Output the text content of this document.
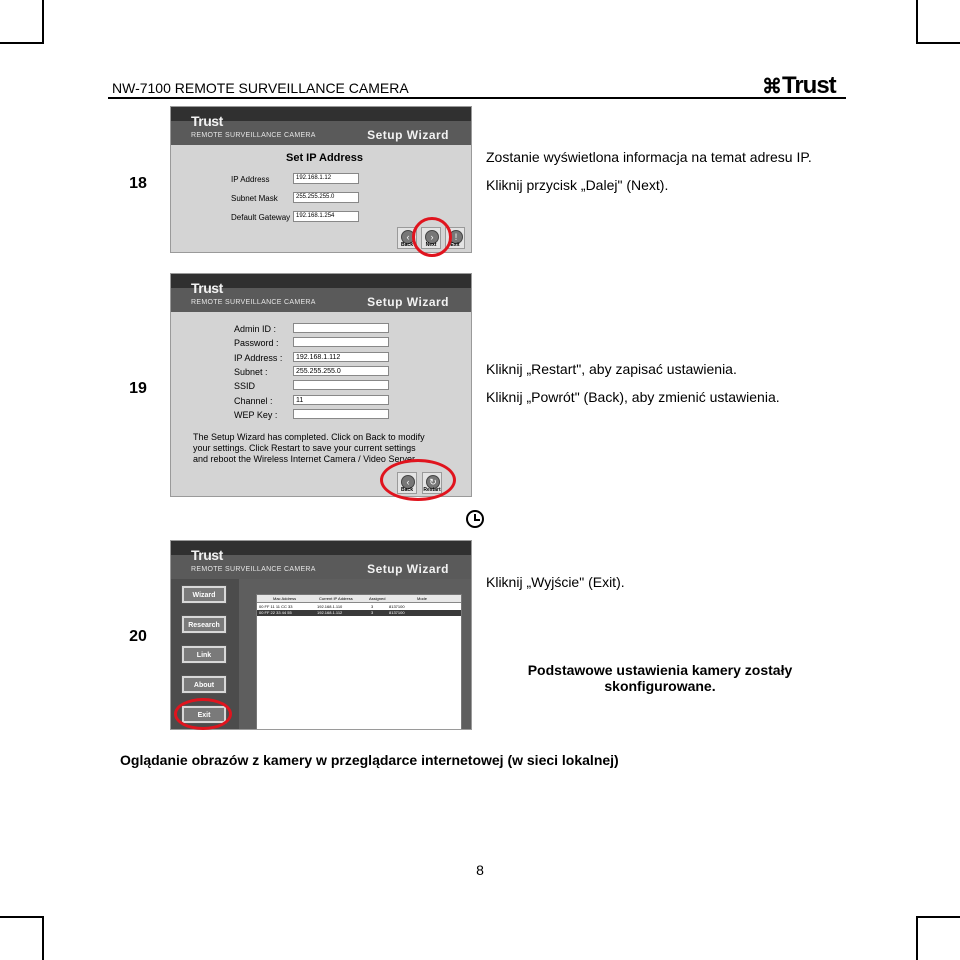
NW-7100 REMOTE SURVEILLANCE CAMERA	⌘Trust
18
Trust
REMOTE SURVEILLANCE CAMERA	Setup Wizard
Set IP Address
IP Address	192.168.1.12
Subnet Mask	255.255.255.0
Default Gateway 192.168.1.254
‹
Back
›
Next
!
Exit
Zostanie wyświetlona informacja na temat adresu IP.
Kliknij przycisk „Dalej" (Next).
19
Trust
REMOTE SURVEILLANCE CAMERA	Setup Wizard
Admin ID :
Password :
IP Address :	192.168.1.112
Subnet :	255.255.255.0
SSID
Channel :	11
WEP Key :
The Setup Wizard has completed. Click on Back to modify
your settings. Click Restart to save your current settings
and reboot the Wireless Internet Camera / Video Server.
‹
Back
↻
Restart
Kliknij „Restart", aby zapisać ustawienia.
Kliknij „Powrót" (Back), aby zmienić ustawienia.
20
Trust
REMOTE SURVEILLANCE CAMERA	Setup Wizard
Wizard
Research
Link
About
Exit
Mac Address	Current IP Address	Assigned	Mode
00 FF 11 11 CC 33	192.168.1.110	3	8137100
00 FF 22 33 44 55	192.168.1.112	3	8137100
Kliknij „Wyjście" (Exit).
Podstawowe ustawienia kamery zostały
skonfigurowane.
Oglądanie obrazów z kamery w przeglądarce internetowej (w sieci lokalnej)
8
